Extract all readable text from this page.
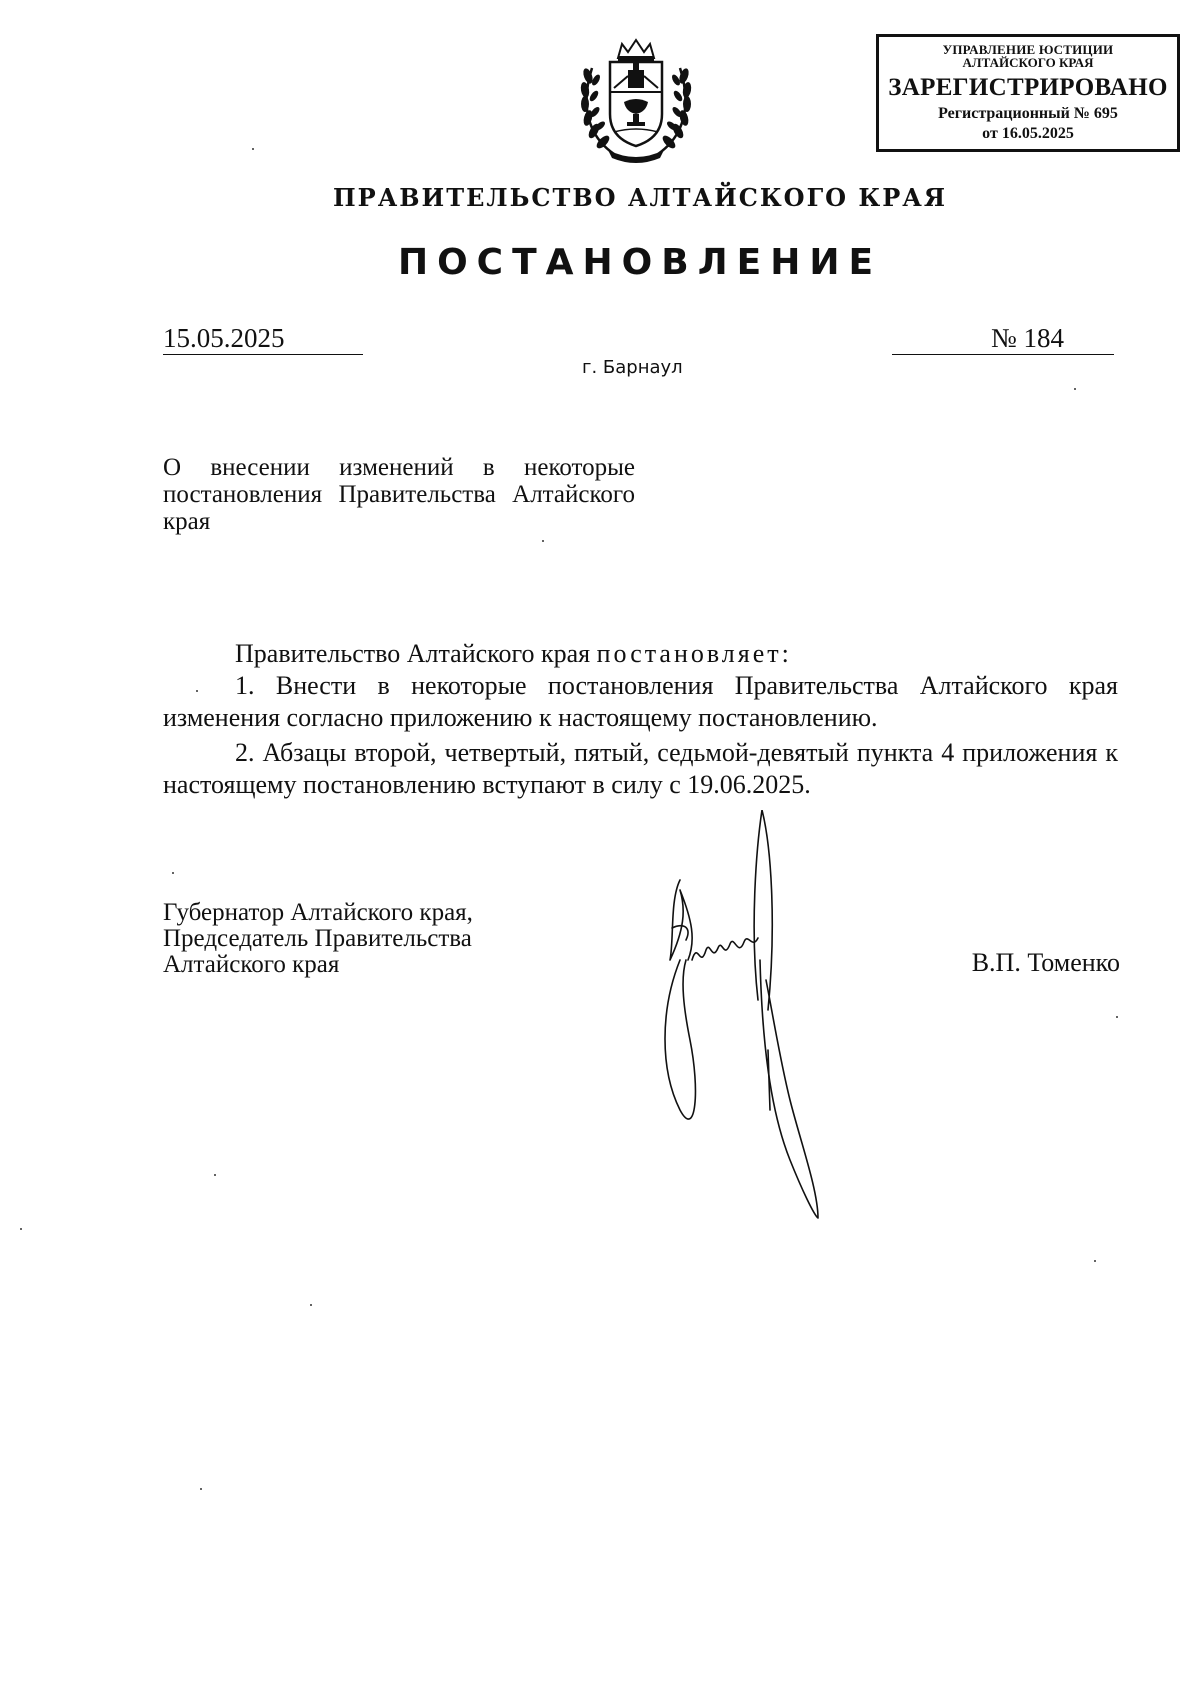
УПРАВЛЕНИЕ ЮСТИЦИИ
АЛТАЙСКОГО КРАЯ
ЗАРЕГИСТРИРОВАНО
Регистрационный № 695
от 16.05.2025
ПРАВИТЕЛЬСТВО АЛТАЙСКОГО КРАЯ
ПОСТАНОВЛЕНИЕ
15.05.2025	№ 184
г. Барнаул
О внесении изменений в некоторые постановления Правительства Алтайского края
Правительство Алтайского края постановляет:
1. Внести в некоторые постановления Правительства Алтайского края изменения согласно приложению к настоящему постановлению.
2. Абзацы второй, четвертый, пятый, седьмой-девятый пункта 4 приложения к настоящему постановлению вступают в силу с 19.06.2025.
Губернатор Алтайского края,
Председатель Правительства
Алтайского края	В.П. Томенко
